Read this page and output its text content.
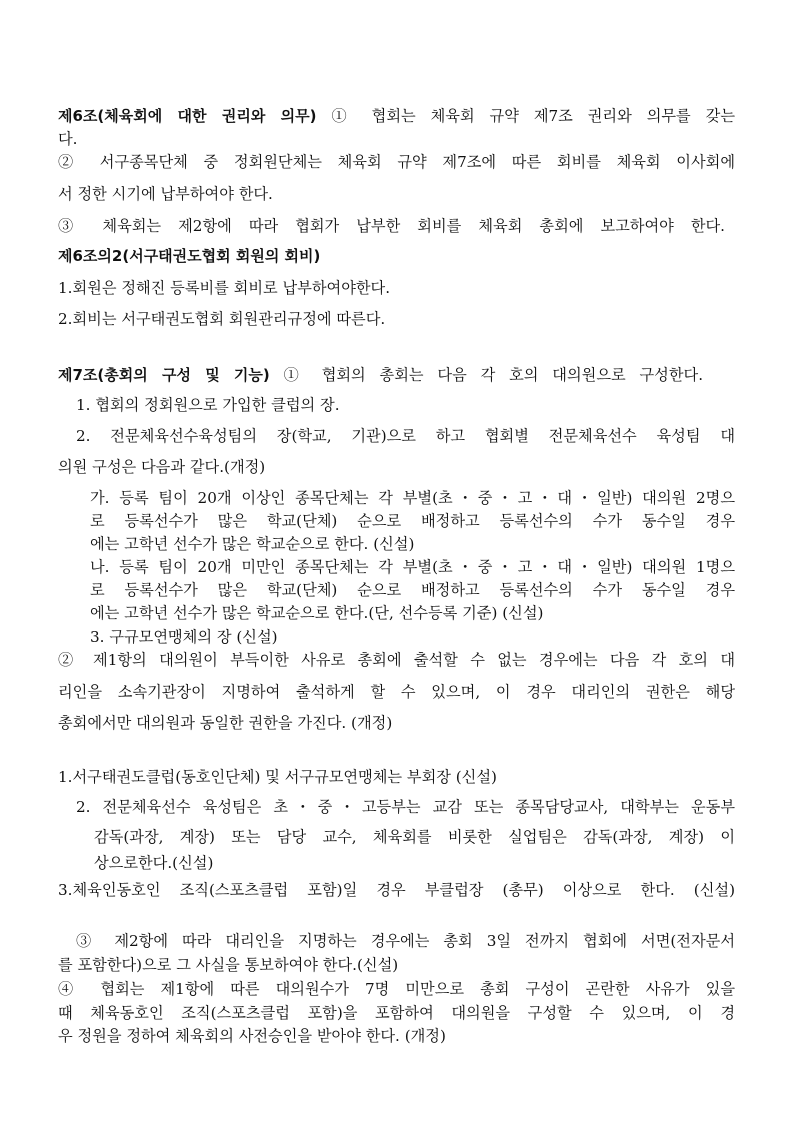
제6조(체육회에 대한 권리와 의무) ① 협회는 체육회 규약 제7조 권리와 의무를 갖는
다.
② 서구종목단체 중 정회원단체는 체육회 규약 제7조에 따른 회비를 체육회 이사회에
서 정한 시기에 납부하여야 한다.
③ 체육회는 제2항에 따라 협회가 납부한 회비를 체육회 총회에 보고하여야 한다.
제6조의2(서구태권도협회 회원의 회비)
1.회원은 정해진 등록비를 회비로 납부하여야한다.
2.회비는 서구태권도협회 회원관리규정에 따른다.
제7조(총회의 구성 및 기능) ① 협회의 총회는 다음 각 호의 대의원으로 구성한다.
1. 협회의 정회원으로 가입한 클럽의 장.
2. 전문체육선수육성팀의 장(학교, 기관)으로 하고 협회별 전문체육선수 육성팀 대
의원 구성은 다음과 같다.(개정)
가. 등록 팀이 20개 이상인 종목단체는 각 부별(초・중・고・대・일반) 대의원 2명으
로 등록선수가 많은 학교(단체) 순으로 배정하고 등록선수의 수가 동수일 경우
에는 고학년 선수가 많은 학교순으로 한다. (신설)
나. 등록 팀이 20개 미만인 종목단체는 각 부별(초・중・고・대・일반) 대의원 1명으
로 등록선수가 많은 학교(단체) 순으로 배정하고 등록선수의 수가 동수일 경우
에는 고학년 선수가 많은 학교순으로 한다.(단, 선수등록 기준) (신설)
3. 구규모연맹체의 장 (신설)
② 제1항의 대의원이 부득이한 사유로 총회에 출석할 수 없는 경우에는 다음 각 호의 대
리인을 소속기관장이 지명하여 출석하게 할 수 있으며, 이 경우 대리인의 권한은 해당
총회에서만 대의원과 동일한 권한을 가진다. (개정)
1.서구태권도클럽(동호인단체) 및 서구규모연맹체는 부회장 (신설)
2. 전문체육선수 육성팀은 초・중・고등부는 교감 또는 종목담당교사, 대학부는 운동부
감독(과장, 계장) 또는 담당 교수, 체육회를 비롯한 실업팀은 감독(과장, 계장) 이
상으로한다.(신설)
3.체육인동호인 조직(스포츠클럽 포함)일 경우 부클럽장 (총무) 이상으로 한다. (신설)
③ 제2항에 따라 대리인을 지명하는 경우에는 총회 3일 전까지 협회에 서면(전자문서
를 포함한다)으로 그 사실을 통보하여야 한다.(신설)
④ 협회는 제1항에 따른 대의원수가 7명 미만으로 총회 구성이 곤란한 사유가 있을
때 체육동호인 조직(스포츠클럽 포함)을 포함하여 대의원을 구성할 수 있으며, 이 경
우 정원을 정하여 체육회의 사전승인을 받아야 한다. (개정)
